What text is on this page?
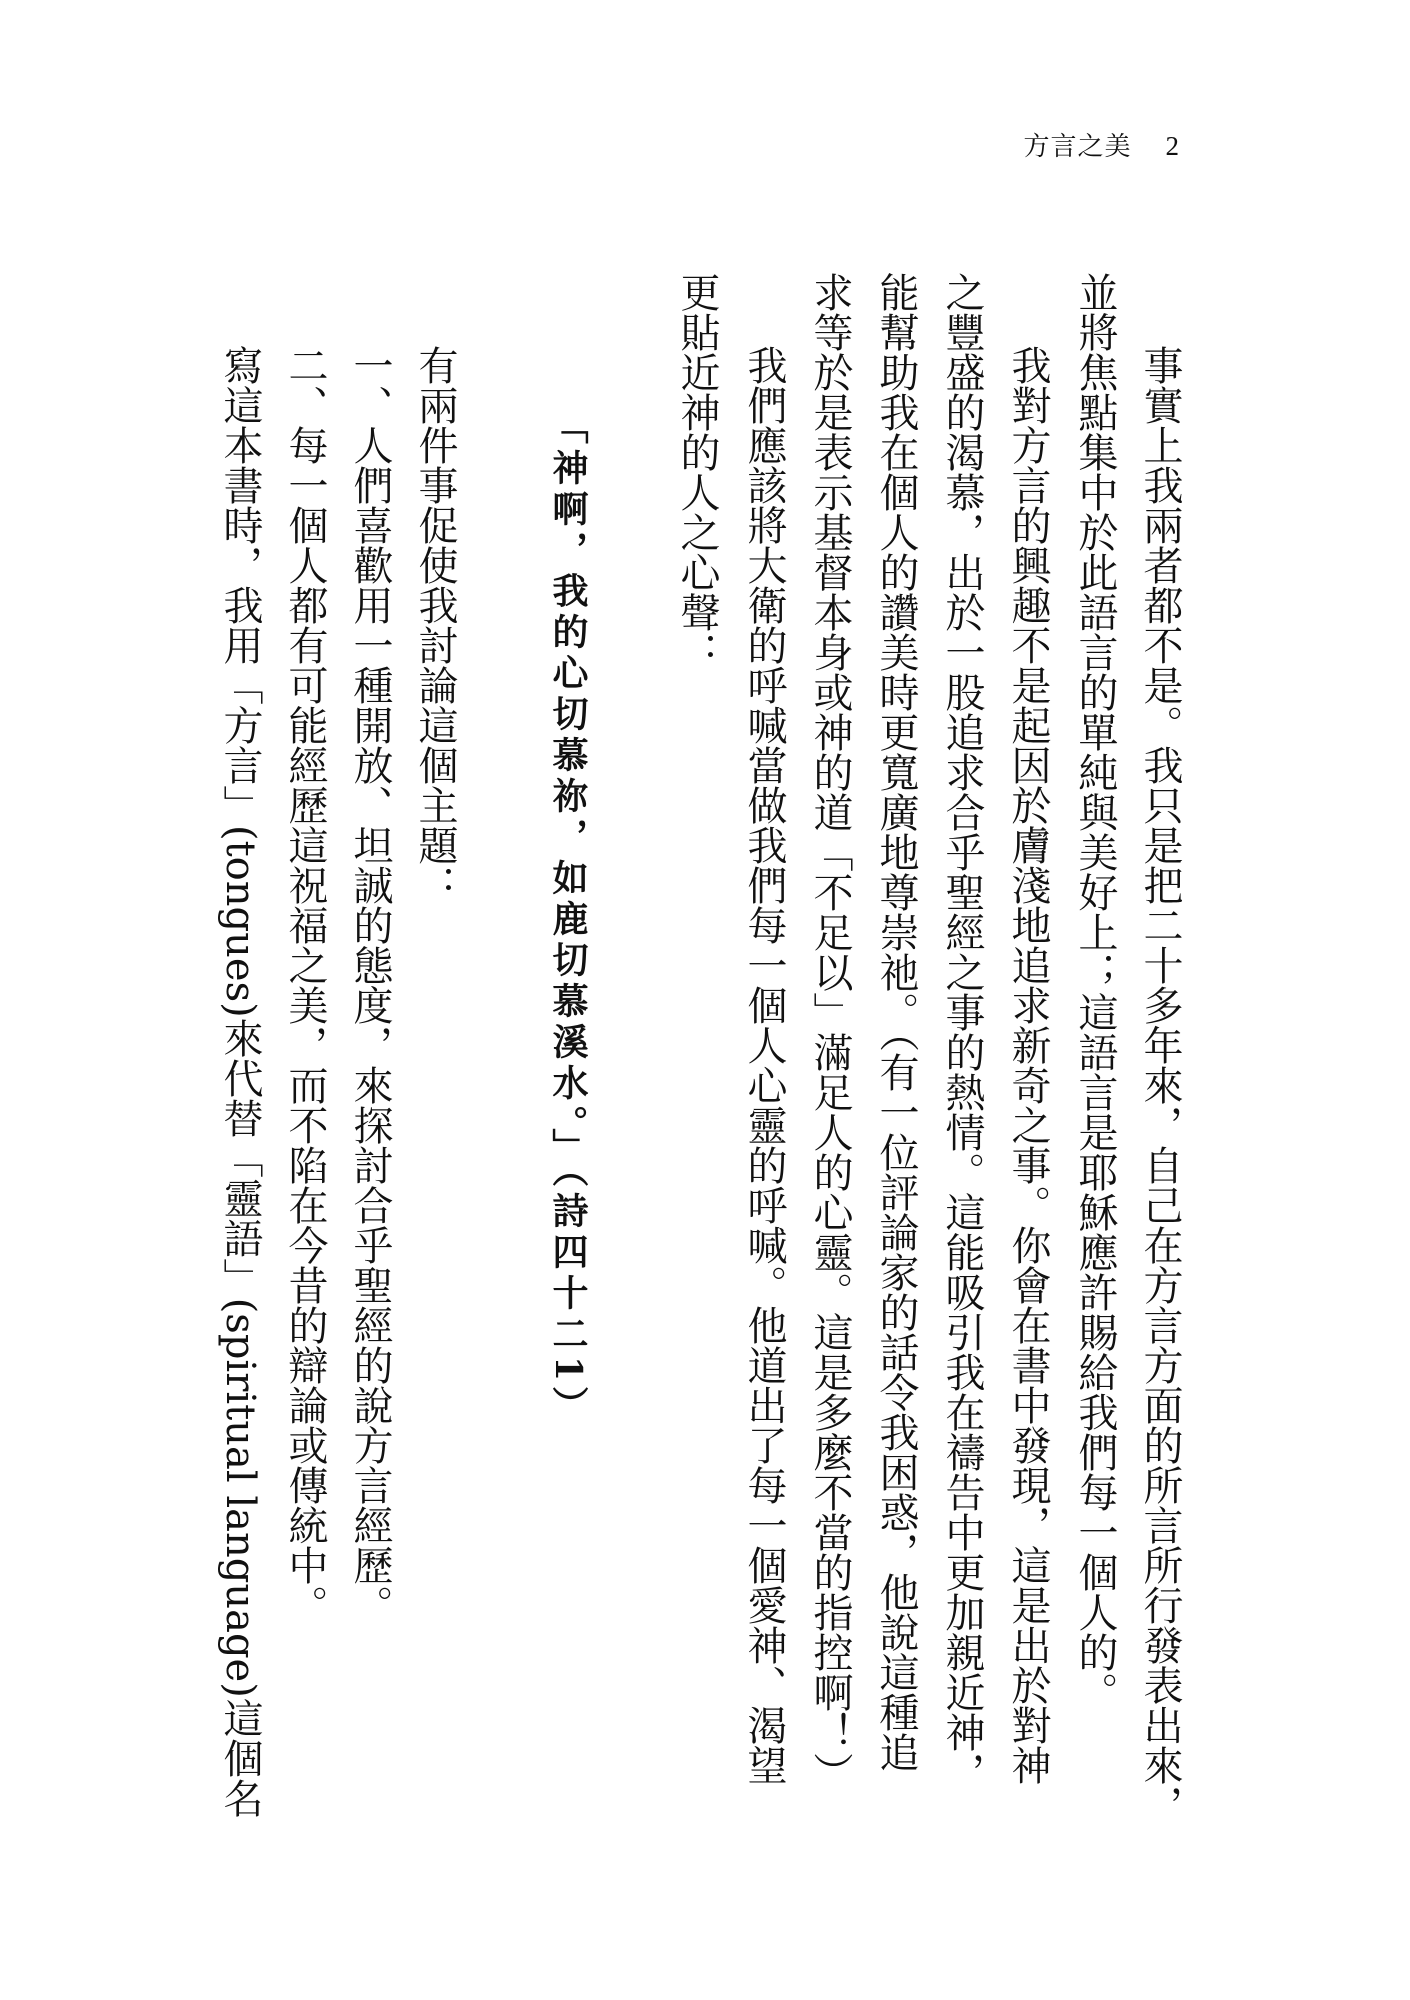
方言之美 2
事實上我兩者都不是。我只是把二十多年來，自己在方言方面的所言所行發表出來，
並將焦點集中於此語言的單純與美好上；這語言是耶穌應許賜給我們每一個人的。
我對方言的興趣不是起因於膚淺地追求新奇之事。你會在書中發現，這是出於對神
之豐盛的渴慕，出於一股追求合乎聖經之事的熱情。這能吸引我在禱告中更加親近神，
能幫助我在個人的讚美時更寬廣地尊崇祂。（有一位評論家的話令我困惑，他說這種追
求等於是表示基督本身或神的道「不足以」滿足人的心靈。這是多麼不當的指控啊！）
我們應該將大衛的呼喊當做我們每一個人心靈的呼喊。他道出了每一個愛神、渴望
更貼近神的人之心聲：
「神啊，我的心切慕祢，如鹿切慕溪水。」（詩四十二1）
有兩件事促使我討論這個主題：
一、人們喜歡用一種開放、坦誠的態度，來探討合乎聖經的說方言經歷。
二、每一個人都有可能經歷這祝福之美，而不陷在今昔的辯論或傳統中。
寫這本書時，我用「方言」(tongues)來代替「靈語」(spiritual language)這個名
